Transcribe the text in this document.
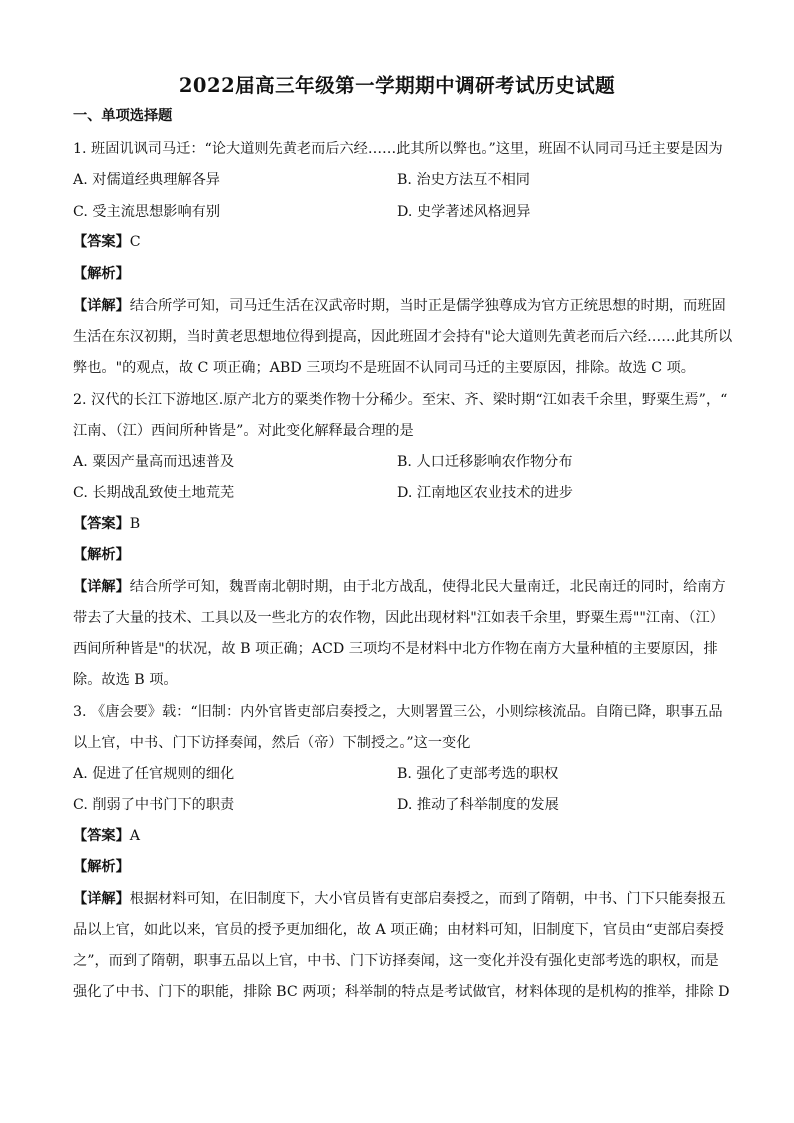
2022届高三年级第一学期期中调研考试历史试题
一、单项选择题
1. 班固讥讽司马迁：“论大道则先黄老而后六经……此其所以弊也。”这里，班固不认同司马迁主要是因为
A. 对儒道经典理解各异	B. 治史方法互不相同
C. 受主流思想影响有别	D. 史学著述风格迥异
【答案】C
【解析】
【详解】结合所学可知，司马迁生活在汉武帝时期，当时正是儒学独尊成为官方正统思想的时期，而班固
生活在东汉初期，当时黄老思想地位得到提高，因此班固才会持有"论大道则先黄老而后六经……此其所以
弊也。"的观点，故 C 项正确；ABD 三项均不是班固不认同司马迁的主要原因，排除。故选 C 项。
2. 汉代的长江下游地区.原产北方的粟类作物十分稀少。至宋、齐、梁时期“江如表千余里，野粟生焉”，“
江南、（江）西间所种皆是”。对此变化解释最合理的是
A. 粟因产量高而迅速普及	B. 人口迁移影响农作物分布
C. 长期战乱致使土地荒芜	D. 江南地区农业技术的进步
【答案】B
【解析】
【详解】结合所学可知，魏晋南北朝时期，由于北方战乱，使得北民大量南迁，北民南迁的同时，给南方
带去了大量的技术、工具以及一些北方的农作物，因此出现材料"江如表千余里，野粟生焉""江南、（江）
西间所种皆是"的状况，故 B 项正确；ACD 三项均不是材料中北方作物在南方大量种植的主要原因，排
除。故选 B 项。
3. 《唐会要》载：“旧制：内外官皆吏部启奏授之，大则署置三公，小则综核流品。自隋已降，职事五品
以上官，中书、门下访择奏闻，然后（帝）下制授之。”这一变化
A. 促进了任官规则的细化	B. 强化了吏部考选的职权
C. 削弱了中书门下的职责	D. 推动了科举制度的发展
【答案】A
【解析】
【详解】根据材料可知，在旧制度下，大小官员皆有吏部启奏授之，而到了隋朝，中书、门下只能奏报五
品以上官，如此以来，官员的授予更加细化，故 A 项正确；由材料可知，旧制度下，官员由“吏部启奏授
之”，而到了隋朝，职事五品以上官，中书、门下访择奏闻，这一变化并没有强化吏部考选的职权，而是
强化了中书、门下的职能，排除 BC 两项；科举制的特点是考试做官，材料体现的是机构的推举，排除 D
